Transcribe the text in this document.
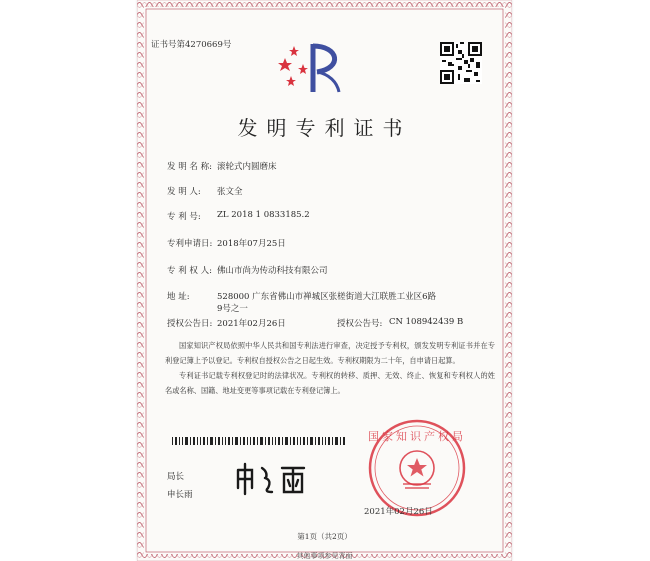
证书号第4270669号
发明专利证书
发 明 名 称: 滚轮式内圆磨床
发 明 人: 张文全
专 利 号: ZL 2018 1 0833185.2
专利申请日: 2018年07月25日
专 利 权 人: 佛山市尚为传动科技有限公司
地 址:	528000 广东省佛山市禅城区张槎街道大江联胜工业区6路
9号之一
授权公告日: 2021年02月26日	授权公告号: CN 108942439 B
国家知识产权局依照中华人民共和国专利法进行审查，决定授予专利权，颁发发明专利证书并在专利登记簿上予以登记。专利权自授权公告之日起生效。专利权期限为二十年，自申请日起算。
专利证书记载专利权登记时的法律状况。专利权的转移、质押、无效、终止、恢复和专利权人的姓名或名称、国籍、地址变更等事项记载在专利登记簿上。
局长
申长雨
国家知识产权局
2021年02月26日
第1页（共2页）
其他事项参见背面
